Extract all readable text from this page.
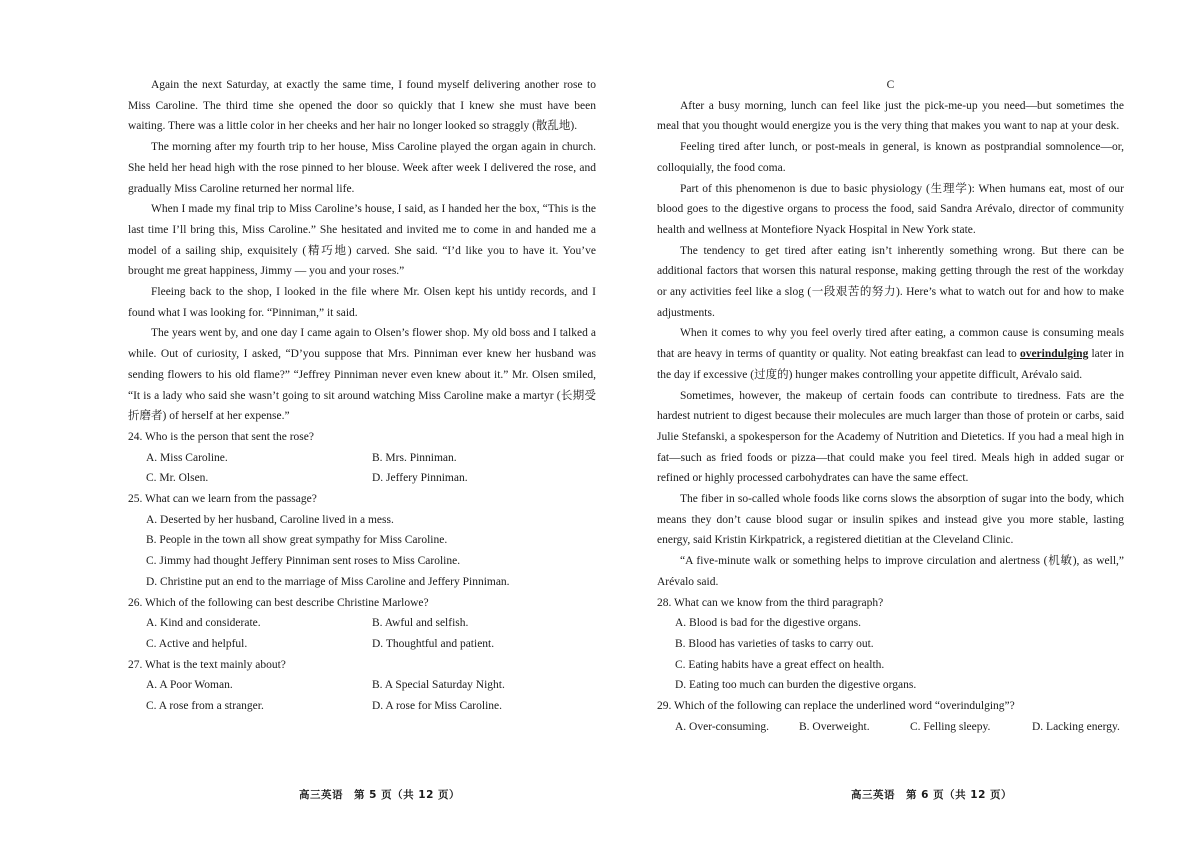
Again the next Saturday, at exactly the same time, I found myself delivering another rose to Miss Caroline. The third time she opened the door so quickly that I knew she must have been waiting. There was a little color in her cheeks and her hair no longer looked so straggly (散乱地).

The morning after my fourth trip to her house, Miss Caroline played the organ again in church. She held her head high with the rose pinned to her blouse. Week after week I delivered the rose, and gradually Miss Caroline returned her normal life.

When I made my final trip to Miss Caroline’s house, I said, as I handed her the box, “This is the last time I’ll bring this, Miss Caroline.” She hesitated and invited me to come in and handed me a model of a sailing ship, exquisitely (精巧地) carved. She said. “I’d like you to have it. You’ve brought me great happiness, Jimmy — you and your roses.”

Fleeing back to the shop, I looked in the file where Mr. Olsen kept his untidy records, and I found what I was looking for. “Pinniman,” it said.

The years went by, and one day I came again to Olsen’s flower shop. My old boss and I talked a while. Out of curiosity, I asked, “D’you suppose that Mrs. Pinniman ever knew her husband was sending flowers to his old flame?” “Jeffrey Pinniman never even knew about it.” Mr. Olsen smiled, “It is a lady who said she wasn’t going to sit around watching Miss Caroline make a martyr (长期受折磨者) of herself at her expense.”

24. Who is the person that sent the rose?

A. Miss Caroline.	B. Mrs. Pinniman.
C. Mr. Olsen.	D. Jeffery Pinniman.

25. What can we learn from the passage?

A. Deserted by her husband, Caroline lived in a mess.
B. People in the town all show great sympathy for Miss Caroline.
C. Jimmy had thought Jeffery Pinniman sent roses to Miss Caroline.
D. Christine put an end to the marriage of Miss Caroline and Jeffery Pinniman.

26. Which of the following can best describe Christine Marlowe?

A. Kind and considerate.	B. Awful and selfish.
C. Active and helpful.	D. Thoughtful and patient.

27. What is the text mainly about?

A. A Poor Woman.	B. A Special Saturday Night.
C. A rose from a stranger.	D. A rose for Miss Caroline.

C

After a busy morning, lunch can feel like just the pick-me-up you need—but sometimes the meal that you thought would energize you is the very thing that makes you want to nap at your desk.

Feeling tired after lunch, or post-meals in general, is known as postprandial somnolence—or, colloquially, the food coma.

Part of this phenomenon is due to basic physiology (生理学): When humans eat, most of our blood goes to the digestive organs to process the food, said Sandra Arévalo, director of community health and wellness at Montefiore Nyack Hospital in New York state.

The tendency to get tired after eating isn’t inherently something wrong. But there can be additional factors that worsen this natural response, making getting through the rest of the workday or any activities feel like a slog (一段艰苦的努力). Here’s what to watch out for and how to make adjustments.

When it comes to why you feel overly tired after eating, a common cause is consuming meals that are heavy in terms of quantity or quality. Not eating breakfast can lead to overindulging later in the day if excessive (过度的) hunger makes controlling your appetite difficult, Arévalo said.

Sometimes, however, the makeup of certain foods can contribute to tiredness. Fats are the hardest nutrient to digest because their molecules are much larger than those of protein or carbs, said Julie Stefanski, a spokesperson for the Academy of Nutrition and Dietetics. If you had a meal high in fat—such as fried foods or pizza—that could make you feel tired. Meals high in added sugar or refined or highly processed carbohydrates can have the same effect.

The fiber in so-called whole foods like corns slows the absorption of sugar into the body, which means they don’t cause blood sugar or insulin spikes and instead give you more stable, lasting energy, said Kristin Kirkpatrick, a registered dietitian at the Cleveland Clinic.

“A five-minute walk or something helps to improve circulation and alertness (机敏), as well,” Arévalo said.

28. What can we know from the third paragraph?

A. Blood is bad for the digestive organs.
B. Blood has varieties of tasks to carry out.
C. Eating habits have a great effect on health.
D. Eating too much can burden the digestive organs.

29. Which of the following can replace the underlined word “overindulging”?

A. Over-consuming.	B. Overweight.	C. Felling sleepy.	D. Lacking energy.
高三英语　第 5 页（共 12 页）	高三英语　第 6 页（共 12 页）
